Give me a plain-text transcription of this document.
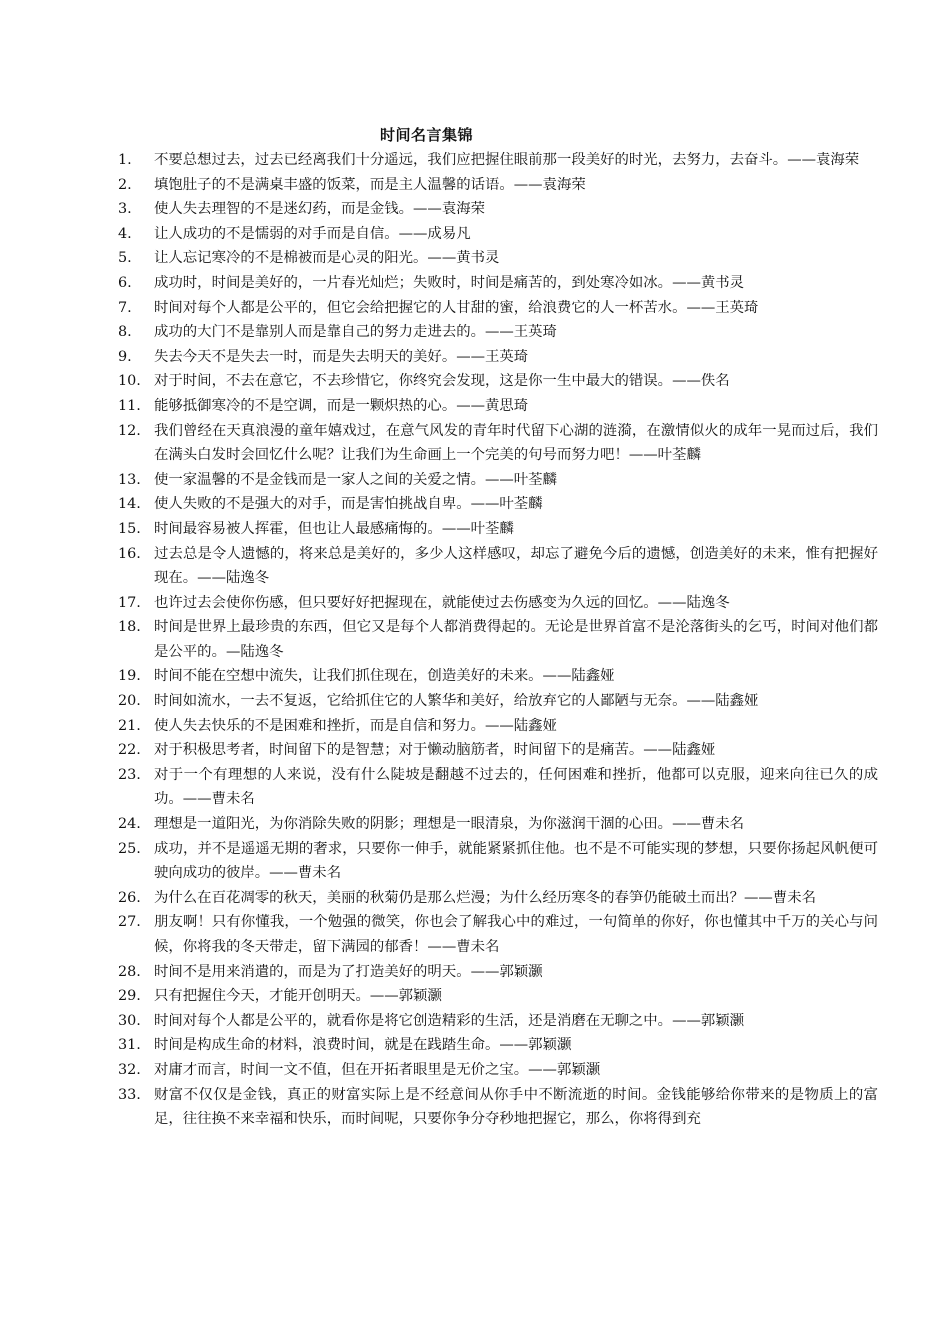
时间名言集锦
1.	不要总想过去，过去已经离我们十分遥远，我们应把握住眼前那一段美好的时光，去努力，去奋斗。——袁海荣
2.	填饱肚子的不是满桌丰盛的饭菜，而是主人温馨的话语。——袁海荣
3.	使人失去理智的不是迷幻药，而是金钱。——袁海荣
4.	让人成功的不是懦弱的对手而是自信。——成易凡
5.	让人忘记寒冷的不是棉被而是心灵的阳光。——黄书灵
6.	成功时，时间是美好的，一片春光灿烂；失败时，时间是痛苦的，到处寒冷如冰。——黄书灵
7.	时间对每个人都是公平的，但它会给把握它的人甘甜的蜜，给浪费它的人一杯苦水。——王英琦
8.	成功的大门不是靠别人而是靠自己的努力走进去的。——王英琦
9.	失去今天不是失去一时，而是失去明天的美好。——王英琦
10. 对于时间，不去在意它，不去珍惜它，你终究会发现，这是你一生中最大的错误。——佚名
11. 能够抵御寒冷的不是空调，而是一颗炽热的心。——黄思琦
12. 我们曾经在天真浪漫的童年嬉戏过，在意气风发的青年时代留下心湖的涟漪，在激情似火的成年一晃而过后，我们在满头白发时会回忆什么呢？让我们为生命画上一个完美的句号而努力吧！——叶荃麟
13. 使一家温馨的不是金钱而是一家人之间的关爱之情。——叶荃麟
14. 使人失败的不是强大的对手，而是害怕挑战自卑。——叶荃麟
15. 时间最容易被人挥霍，但也让人最感痛悔的。——叶荃麟
16. 过去总是令人遗憾的，将来总是美好的，多少人这样感叹，却忘了避免今后的遗憾，创造美好的未来，惟有把握好现在。——陆逸冬
17. 也许过去会使你伤感，但只要好好把握现在，就能使过去伤感变为久远的回忆。——陆逸冬
18. 时间是世界上最珍贵的东西，但它又是每个人都消费得起的。无论是世界首富不是沦落街头的乞丐，时间对他们都是公平的。—陆逸冬
19. 时间不能在空想中流失，让我们抓住现在，创造美好的未来。——陆鑫娅
20. 时间如流水，一去不复返，它给抓住它的人繁华和美好，给放弃它的人鄙陋与无奈。——陆鑫娅
21. 使人失去快乐的不是困难和挫折，而是自信和努力。——陆鑫娅
22. 对于积极思考者，时间留下的是智慧；对于懒动脑筋者，时间留下的是痛苦。——陆鑫娅
23. 对于一个有理想的人来说，没有什么陡坡是翻越不过去的，任何困难和挫折，他都可以克服，迎来向往已久的成功。——曹未名
24. 理想是一道阳光，为你消除失败的阴影；理想是一眼清泉，为你滋润干涸的心田。——曹未名
25. 成功，并不是遥遥无期的奢求，只要你一伸手，就能紧紧抓住他。也不是不可能实现的梦想，只要你扬起风帆便可驶向成功的彼岸。——曹未名
26. 为什么在百花凋零的秋天，美丽的秋菊仍是那么烂漫；为什么经历寒冬的春笋仍能破土而出？——曹未名
27. 朋友啊！只有你懂我，一个勉强的微笑，你也会了解我心中的难过，一句简单的你好，你也懂其中千万的关心与问候，你将我的冬天带走，留下满园的郁香！——曹未名
28. 时间不是用来消遣的，而是为了打造美好的明天。——郭颖灏
29. 只有把握住今天，才能开创明天。——郭颖灏
30. 时间对每个人都是公平的，就看你是将它创造精彩的生活，还是消磨在无聊之中。——郭颖灏
31. 时间是构成生命的材料，浪费时间，就是在践踏生命。——郭颖灏
32. 对庸才而言，时间一文不值，但在开拓者眼里是无价之宝。——郭颖灏
33. 财富不仅仅是金钱，真正的财富实际上是不经意间从你手中不断流逝的时间。金钱能够给你带来的是物质上的富足，往往换不来幸福和快乐，而时间呢，只要你争分夺秒地把握它，那么，你将得到充
